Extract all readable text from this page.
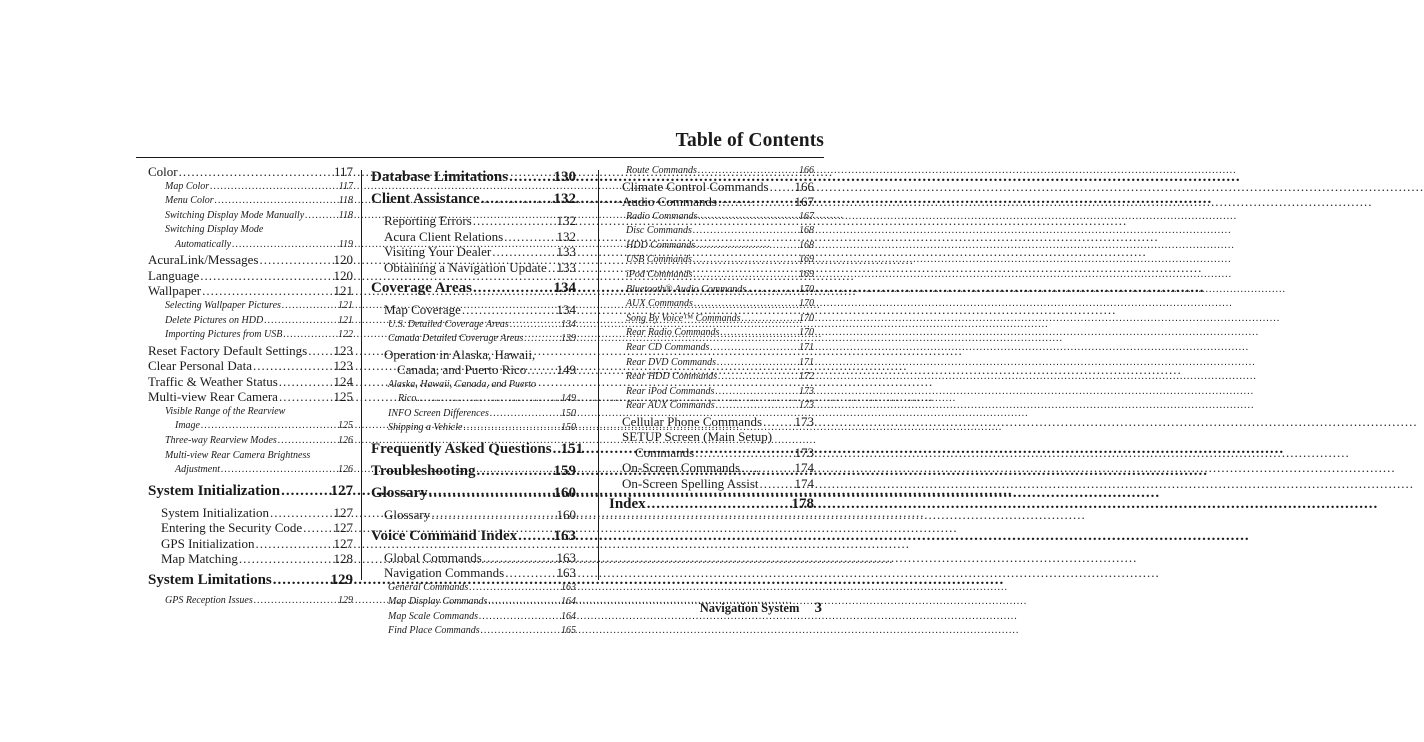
Table of Contents
Color .....	117
Map Color .....	117
Menu Color .....	118
Switching Display Mode Manually .....	118
Switching Display Mode
Automatically .....	119
AcuraLink/Messages .....	120
Language .....	120
Wallpaper .....	121
Selecting Wallpaper Pictures .....	121
Delete Pictures on HDD .....	121
Importing Pictures from USB .....	122
Reset Factory Default Settings ..... 123
Clear Personal Data .....	123
Traffic & Weather Status .....	124
Multi-view Rear Camera .....	125
Visible Range of the Rearview
Image .....	125
Three-way Rearview Modes .....	126
Multi-view Rear Camera Brightness
Adjustment .....	126
System Initialization .....	127
System Initialization .....	127
Entering the Security Code ..... 127
GPS Initialization .....	127
Map Matching .....	128
System Limitations .....	129
GPS Reception Issues .....	129
Database Limitations .....	130
Client Assistance .....	132
Reporting Errors .....	132
Acura Client Relations .....	132
Visiting Your Dealer .....	133
Obtaining a Navigation Update ..... 133
Coverage Areas .....	134
Map Coverage .....	134
U.S. Detailed Coverage Areas .....	134
Canada Detailed Coverage Areas .....	139
Operation in Alaska, Hawaii,
Canada, and Puerto Rico ..... 149
Alaska, Hawaii, Canada, and Puerto
Rico .....	149
INFO Screen Differences .....	150
Shipping a Vehicle .....	150
Frequently Asked Questions ..... 151
Troubleshooting .....	159
Glossary .....	160
Glossary .....	160
Voice Command Index ..... 163
Global Commands .....	163
Navigation Commands .....	163
General Commands .....	163
Map Display Commands .....	164
Map Scale Commands .....	164
Find Place Commands .....	165
Route Commands .....	166
Climate Control Commands ..... 166
Audio Commands .....	167
Radio Commands .....	167
Disc Commands .....	168
HDD Commands .....	168
USB Commands .....	169
iPod Commands .....	169
Bluetooth® Audio Commands .....	170
AUX Commands .....	170
Song By Voice™ Commands .....	170
Rear Radio Commands .....	170
Rear CD Commands .....	171
Rear DVD Commands .....	171
Rear HDD Commands .....	172
Rear iPod Commands .....	173
Rear AUX Commands .....	173
Cellular Phone Commands ..... 173
SETUP Screen (Main Setup)
Commands .....	173
On-Screen Commands .....	174
On-Screen Spelling Assist .....	174
Index .....	178
Navigation System 3
